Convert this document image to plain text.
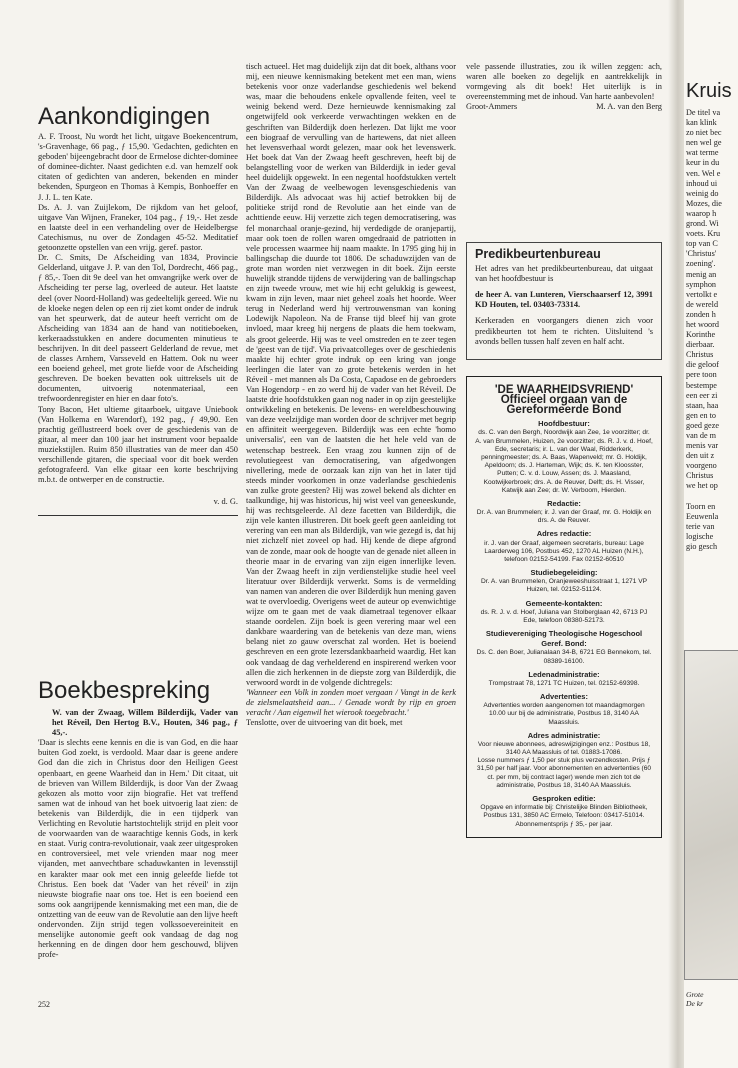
Aankondigingen

A. F. Troost, Nu wordt het licht, uitgave Boekencentrum, 's-Gravenhage, 66 pag., ƒ 15,90. 'Gedachten, gedichten en geboden' bijeengebracht door de Ermelose dichter-dominee of dominee-dichter. Naast gedichten e.d. van hemzelf ook citaten of gedichten van anderen, bekenden en minder bekenden, Spurgeon en Thomas à Kempis, Bonhoeffer en J. J. L. ten Kate.

Ds. A. J. van Zuijlekom, De rijkdom van het geloof, uitgave Van Wijnen, Franeker, 104 pag., ƒ 19,-. Het zesde en laatste deel in een verhandeling over de Heidelbergse Catechismus, nu over de Zondagen 45-52. Meditatief getoonzette opstellen van een vrijg. geref. pastor.

Dr. C. Smits, De Afscheiding van 1834, Provincie Gelderland, uitgave J. P. van den Tol, Dordrecht, 466 pag., ƒ 85,-. Toen dit 9e deel van het omvangrijke werk over de Afscheiding ter perse lag, overleed de auteur. Het laatste deel (over Noord-Holland) was gedeeltelijk gereed. Wie nu de kloeke negen delen op een rij ziet komt onder de indruk van het speurwerk, dat de auteur heeft verricht om de Afscheiding van 1834 aan de hand van notitieboeken, kerkeraadsstukken en andere documenten minutieus te beschrijven. In dit deel passeert Gelderland de revue, met de classes Arnhem, Varsseveld en Hattem. Ook nu weer een boeiend geheel, met grote liefde voor de Afscheiding geschreven. De boeken bevatten ook uittreksels uit de documenten, uitvoerig notenmateriaal, een trefwoordenregister en hier en daar foto's.

Tony Bacon, Het ultieme gitaarboek, uitgave Uniebook (Van Holkema en Warendorf), 192 pag., ƒ 49,90. Een prachtig geïllustreerd boek over de geschiedenis van de gitaar, al meer dan 100 jaar het instrument voor bepaalde muziekstijlen. Ruim 850 illustraties van de meer dan 450 verschillende gitaren, die speciaal voor dit boek werden gefotografeerd. Van elke gitaar een korte beschrijving m.b.t. de ontwerper en de constructie.

v. d. G.

Boekbespreking

W. van der Zwaag, Willem Bilderdijk, Vader van het Réveil, Den Hertog B.V., Houten, 346 pag., ƒ 45,-.

'Daar is slechts eene kennis en die is van God, en die haar buiten God zoekt, is verdoold. Maar daar is geene andere God dan die zich in Christus door den Heiligen Geest openbaart, en geene Waarheid dan in Hem.' Dit citaat, uit de brieven van Willem Bilderdijk, is door Van der Zwaag gekozen als motto voor zijn biografie. Het vat treffend samen wat de inhoud van het boek uitvoerig laat zien: de betekenis van Bilderdijk, die in een tijdperk van Verlichting en Revolutie hartstochtelijk strijd en pleit voor de voorwaarden van de waarachtige kennis Gods, in kerk en staat. Vurig contra-revolutionair, vaak zeer uitgesproken en controversieel, met vele vrienden maar nog meer vijanden, met aanvechtbare schaduwkanten in levensstijl en karakter maar ook met een innig geleefde liefde tot Christus. Een boek dat 'Vader van het réveil' in zijn nieuwste biografie naar ons toe. Het is een boeiend een soms ook aangrijpende kennismaking met een man, die de ontzetting van de eeuw van de Revolutie aan den lijve heeft ondervonden. Zijn strijd tegen volkssoevereiniteit en menselijke autonomie geeft ook vandaag de dag nog herkenning en de dingen door hem geschouwd, blijven profe-

tisch actueel. Het mag duidelijk zijn dat dit boek, althans voor mij, een nieuwe kennismaking betekent met een man, wiens betekenis voor onze vaderlandse geschiedenis wel bekend was, maar die behoudens enkele opvallende feiten, veel te weinig bekend werd. Deze hernieuwde kennismaking zal ongetwijfeld ook verkeerde verwachtingen wekken en de geschriften van Bilderdijk doen herlezen. Dat lijkt me voor een biograaf de vervulling van de hartewens, dat niet alleen het levensverhaal wordt gelezen, maar ook het levenswerk. Het boek dat Van der Zwaag heeft geschreven, heeft bij de belangstelling voor de werken van Bilderdijk in ieder geval heel duidelijk opgewekt. In een negental hoofdstukken vertelt Van der Zwaag de veelbewogen levensgeschiedenis van Bilderdijk. Als advocaat was hij actief betrokken bij de politieke strijd rond de Revolutie aan het einde van de achttiende eeuw. Hij verzette zich tegen democratisering, was fel monarchaal oranje-gezind, hij verdedigde de oranjepartij, maar ook toen de rollen waren omgedraaid de patriotten in vele processen waarmee hij naam maakte. In 1795 ging hij in ballingschap die duurde tot 1806. De schaduwzijden van de grote man worden niet verzwegen in dit boek. Zijn eerste huwelijk strandde tijdens de verwijdering van de ballingschap en zijn tweede vrouw, met wie hij echt gelukkig is geweest, kwam in zijn leven, maar niet geheel zoals het hoorde. Weer terug in Nederland werd hij vertrouwensman van koning Lodewijk Napoleon. Na de Franse tijd bleef hij van grote invloed, maar kreeg hij nergens de plaats die hem toekwam, als groot geleerde. Hij was te veel omstreden en te zeer tegen de 'geest van de tijd'. Via privaatcolleges over de geschiedenis maakte hij echter grote indruk op een kring van jonge leerlingen die later van zo grote betekenis werden in het Réveil - met mannen als Da Costa, Capadose en de gebroeders Van Hogendorp - en zo werd hij de vader van het Réveil. De laatste drie hoofdstukken gaan nog nader in op zijn geestelijke ontwikkeling en betekenis. De levens- en wereldbeschouwing van deze veelzijdige man worden door de schrijver met begrip en affiniteit weergegeven. Bilderdijk was een echte 'homo universalis', een van de laatsten die het hele veld van de wetenschap bestreek. Een vraag zou kunnen zijn of de revolutiegeest van democratisering, van afgedwongen nivellering, mede de oorzaak kan zijn van het in later tijd steeds minder voorkomen in onze vaderlandse geschiedenis van zulke grote geesten? Hij was zowel bekend als dichter en taalkundige, hij was historicus, hij wist veel van geneeskunde, hij was rechtsgeleerde. Al deze facetten van Bilderdijk, die zijn vele kanten illustreren. Dit boek geeft geen aanleiding tot verering van een man als Bilderdijk, van wie gezegd is, dat hij niet zichzelf niet zoveel op had. Hij kende de diepe afgrond van de zonde, maar ook de hoogte van de genade niet alleen in theorie maar in de ervaring van zijn eigen innerlijke leven. Van der Zwaag heeft in zijn verdienstelijke studie heel veel literatuur over Bilderdijk verwerkt. Soms is de vermelding van namen van anderen die over Bilderdijk hun mening gaven wat te overvloedig. Overigens weet de auteur op evenwichtige wijze om te gaan met de vaak diametraal tegenover elkaar staande oordelen. Zijn boek is geen verering maar wel een dankbare waardering van de betekenis van deze man, wiens belang niet zo gauw overschat zal worden. Het is boeiend geschreven en een grote lezersdankbaarheid waardig. Het kan ook vandaag de dag verhelderend en inspirerend werken voor allen die zich herkennen in de diepste zorg van Bilderdijk, die verwoord wordt in de volgende dichtregels:

'Wanneer een Volk in zonden moet vergaan / Vangt in de kerk de zielsmelaatsheid aan... / Genade wordt by rijp en groen veracht / Aan eigenwil het wierook toegebracht.'

Tenslotte, over de uitvoering van dit boek, met

vele passende illustraties, zou ik willen zeggen: ach, waren alle boeken zo degelijk en aantrekkelijk in vormgeving als dit boek! Het uiterlijk is in overeenstemming met de inhoud. Van harte aanbevolen!

Groot-Ammers	M. A. van den Berg

Predikbeurtenbureau

Het adres van het predikbeurtenbureau, dat uitgaat van het hoofdbestuur is

de heer A. van Lunteren, Vierschaarserf 12, 3991 KD Houten, tel. 03403-73314.

Kerkeraden en voorgangers dienen zich voor predikbeurten tot hem te richten. Uitsluitend 's avonds bellen tussen half zeven en half acht.

'DE WAARHEIDSVRIEND'
Officieel orgaan van de Gereformeerde Bond
Hoofdbestuur:
ds. C. van den Bergh, Noordwijk aan Zee, 1e voorzitter; dr. A. van Brummelen, Huizen, 2e voorzitter; ds. R. J. v. d. Hoef, Ede, secretaris; ir. L. van der Waal, Ridderkerk, penningmeester; ds. A. Baas, Wapenveld; mr. G. Holdijk, Apeldoorn; ds. J. Harteman, Wijk; ds. K. ten Kloosster, Putten; C. v. d. Louw, Assen; ds. J. Maasland, Kootwijkerbroek; drs. A. de Reuver, Delft; ds. H. Visser, Katwijk aan Zee; dr. W. Verboom, Hierden.
Redactie:
Dr. A. van Brummelen; ir. J. van der Graaf, mr. G. Holdijk en drs. A. de Reuver.
Adres redactie:
ir. J. van der Graaf, algemeen secretaris, bureau: Lage Laarderweg 106, Postbus 452, 1270 AL Huizen (N.H.), telefoon 02152-54199. Fax 02152-60510
Studiebegeleiding:
Dr. A. van Brummelen, Oranjeweeshuisstraat 1, 1271 VP Huizen, tel. 02152-51124.
Gemeente-kontakten:
ds. R. J. v. d. Hoef, Juliana van Stolberglaan 42, 6713 PJ Ede, telefoon 08380-52173.
Studievereniging Theologische Hogeschool Geref. Bond:
Ds. C. den Boer, Julianalaan 34-B, 6721 EG Bennekom, tel. 08389-16100.
Ledenadministratie:
Trompstraat 78, 1271 TC Huizen, tel. 02152-69398.
Advertenties:
Advertenties worden aangenomen tot maandagmorgen 10.00 uur bij de administratie, Postbus 18, 3140 AA Maassluis.
Adres administratie:
Voor nieuwe abonnees, adreswijzigingen enz.: Postbus 18, 3140 AA Maassluis of tel. 01883-17086.
Losse nummers ƒ 1,50 per stuk plus verzendkosten. Prijs ƒ 31,50 per half jaar. Voor abonnementen en advertenties (60 ct. per mm, bij contract lager) wende men zich tot de administratie, Postbus 18, 3140 AA Maassluis.
Gesproken editie:
Opgave en informatie bij: Christelijke Blinden Bibliotheek, Postbus 131, 3850 AC Ermelo, Telefoon: 03417-51014. Abonnementsprijs ƒ 35,- per jaar.
252
Kruis
De titel va
kan klink
zo niet bec
nen wel ge
wat terme
keur in du
ven. Wel e
inhoud ui
weinig do
Mozes, die
waarop h
grond. Wi
voets. Kru
top van C
'Christus'
zoening'.
menig an
symphon
vertolkt e
de wereld
zonden h
het woord
Korinthe
dierbaar.
Christus
die geloof
pere toon
bestempe
een eer zi
staan, haa
gen en to
goed geze
van de m
menis var
den uit z
voorgeno
Christus
we het op

Toorn en
Eeuwenla
terie van
logische
gio gesch
Grote
De kr
